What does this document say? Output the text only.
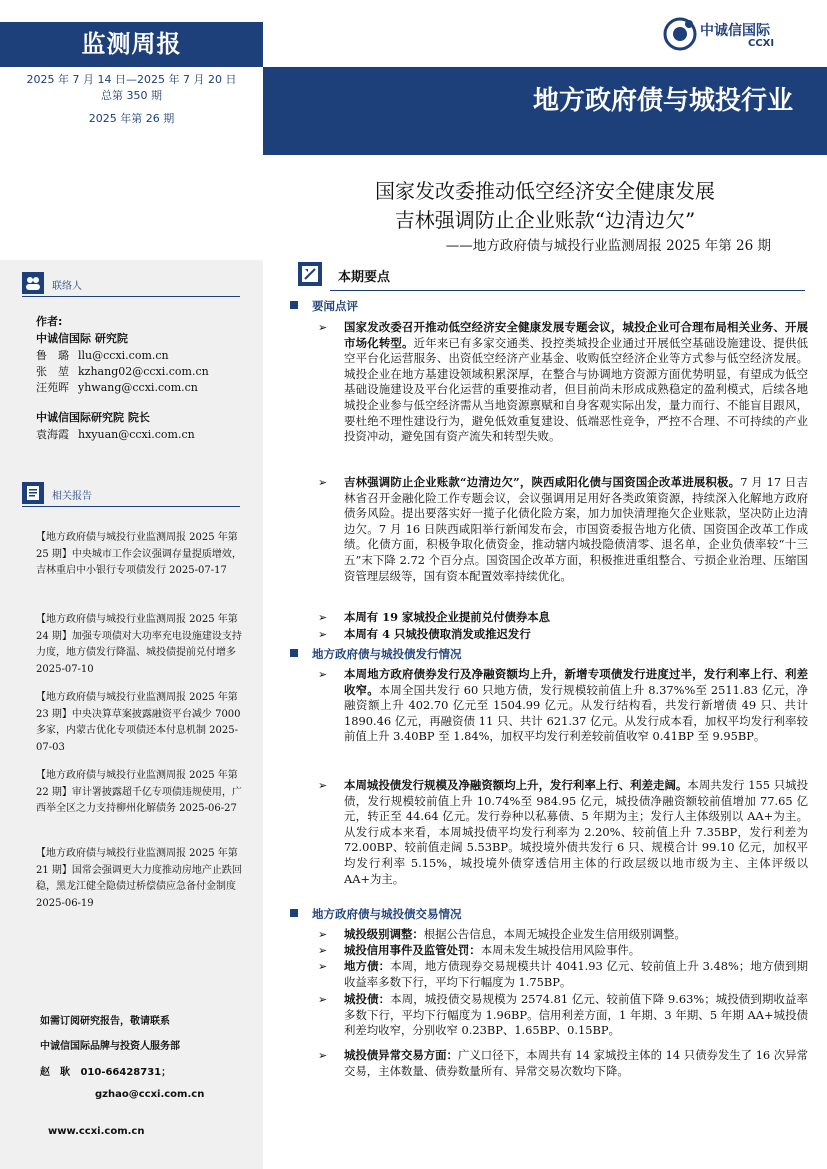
监测周报
2025 年 7 月 14 日—2025 年 7 月 20 日
总第 350 期
2025 年第 26 期
中诚信国际
CCXI
地方政府债与城投行业
国家发改委推动低空经济安全健康发展
吉林强调防止企业账款“边清边欠”
——地方政府债与城投行业监测周报 2025 年第 26 期
联络人
作者:
中诚信国际 研究院
鲁　璐 llu@ccxi.com.cn
张　堃 kzhang02@ccxi.com.cn
汪苑晖 yhwang@ccxi.com.cn
中诚信国际研究院 院长
袁海霞 hxyuan@ccxi.com.cn
相关报告
【地方政府债与城投行业监测周报 2025 年第 25 期】中央城市工作会议强调存量提质增效，吉林重启中小银行专项债发行 2025-07-17
【地方政府债与城投行业监测周报 2025 年第 24 期】加强专项债对大功率充电设施建设支持力度，地方债发行降温、城投债提前兑付增多 2025-07-10
【地方政府债与城投行业监测周报 2025 年第 23 期】中央决算草案披露融资平台减少 7000 多家，内蒙古优化专项债还本付息机制 2025-07-03
【地方政府债与城投行业监测周报 2025 年第 22 期】审计署披露超千亿专项债违规使用，广西举全区之力支持柳州化解债务 2025-06-27
【地方政府债与城投行业监测周报 2025 年第 21 期】国常会强调更大力度推动房地产止跌回稳，黑龙江健全隐债过桥偿债应急备付金制度 2025-06-19
如需订阅研究报告，敬请联系
中诚信国际品牌与投资人服务部
赵　耿 010-66428731；
gzhao@ccxi.com.cn
www.ccxi.com.cn
本期要点
要闻点评
➢ 国家发改委召开推动低空经济安全健康发展专题会议，城投企业可合理布局相关业务、开展市场化转型。近年来已有多家交通类、投控类城投企业通过开展低空基础设施建设、提供低空平台化运营服务、出资低空经济产业基金、收购低空经济企业等方式参与低空经济发展。城投企业在地方基建设领域积累深厚，在整合与协调地方资源方面优势明显，有望成为低空基础设施建设及平台化运营的重要推动者，但目前尚未形成成熟稳定的盈利模式，后续各地城投企业参与低空经济需从当地资源禀赋和自身客观实际出发，量力而行、不能盲目跟风，要杜绝不理性建设行为，避免低效重复建设、低端恶性竞争，严控不合理、不可持续的产业投资冲动，避免国有资产流失和转型失败。
➢ 吉林强调防止企业账款“边清边欠”，陕西咸阳化债与国资国企改革进展积极。7 月 17 日吉林省召开金融化险工作专题会议，会议强调用足用好各类政策资源，持续深入化解地方政府债务风险。提出要落实好一揽子化债化险方案，加力加快清理拖欠企业账款，坚决防止边清边欠。7 月 16 日陕西咸阳举行新闻发布会，市国资委报告地方化债、国资国企改革工作成绩。化债方面，积极争取化债资金，推动辖内城投隐债清零、退名单，企业负债率较“十三五”末下降 2.72 个百分点。国资国企改革方面，积极推进重组整合、亏损企业治理、压缩国资管理层级等，国有资本配置效率持续优化。
➢ 本周有 19 家城投企业提前兑付债券本息
➢ 本周有 4 只城投债取消发或推迟发行
地方政府债与城投债发行情况
➢ 本周地方政府债券发行及净融资额均上升，新增专项债发行进度过半，发行利率上行、利差收窄。本周全国共发行 60 只地方债，发行规模较前值上升 8.37%%至 2511.83 亿元，净融资额上升 402.70 亿元至 1504.99 亿元。从发行结构看，共发行新增债 49 只、共计 1890.46 亿元，再融资债 11 只、共计 621.37 亿元。从发行成本看，加权平均发行利率较前值上升 3.40BP 至 1.84%，加权平均发行利差较前值收窄 0.41BP 至 9.95BP。
➢ 本周城投债发行规模及净融资额均上升，发行利率上行、利差走阔。本周共发行 155 只城投债，发行规模较前值上升 10.74%至 984.95 亿元，城投债净融资额较前值增加 77.65 亿元，转正至 44.64 亿元。发行券种以私募债、5 年期为主；发行人主体级别以 AA+为主。从发行成本来看，本周城投债平均发行利率为 2.20%、较前值上升 7.35BP，发行利差为 72.00BP、较前值走阔 5.53BP。城投境外债共发行 6 只、规模合计 99.10 亿元，加权平均发行利率 5.15%，城投境外债穿透信用主体的行政层级以地市级为主、主体评级以 AA+为主。
地方政府债与城投债交易情况
➢ 城投级别调整：根据公告信息，本周无城投企业发生信用级别调整。
➢ 城投信用事件及监管处罚：本周未发生城投信用风险事件。
➢ 地方债：本周，地方债现券交易规模共计 4041.93 亿元、较前值上升 3.48%；地方债到期收益率多数下行，平均下行幅度为 1.75BP。
➢ 城投债：本周，城投债交易规模为 2574.81 亿元、较前值下降 9.63%；城投债到期收益率多数下行，平均下行幅度为 1.96BP。信用利差方面，1 年期、3 年期、5 年期 AA+城投债利差均收窄，分别收窄 0.23BP、1.65BP、0.15BP。
➢ 城投债异常交易方面：广义口径下，本周共有 14 家城投主体的 14 只债券发生了 16 次异常交易，主体数量、债券数量所有、异常交易次数均下降。
